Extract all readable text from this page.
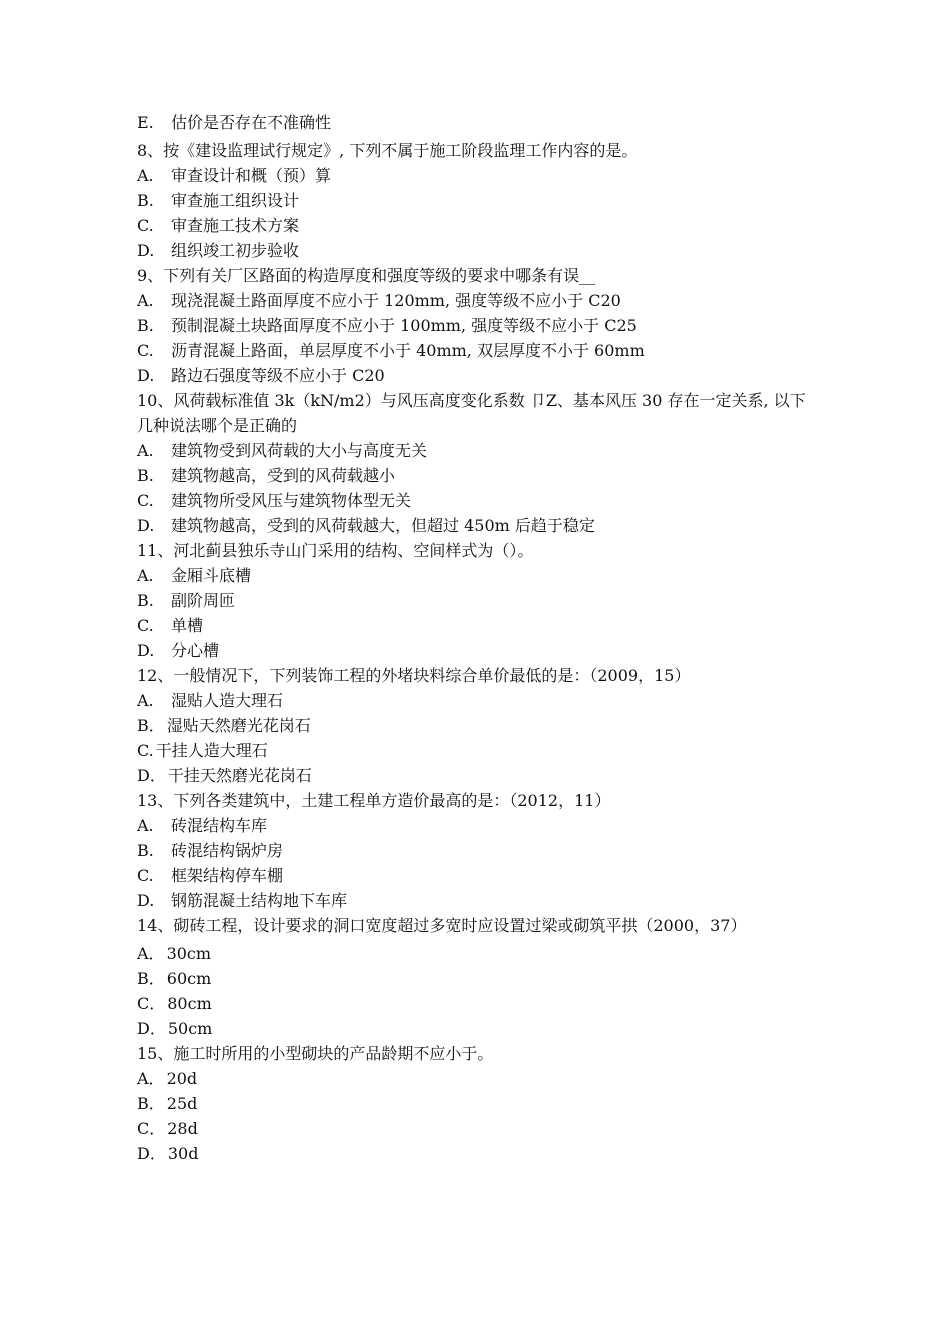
E. 估价是否存在不准确性
8、按《建设监理试行规定》, 下列不属于施工阶段监理工作内容的是。
A. 审查设计和概（预）算
B. 审查施工组织设计
C. 审查施工技术方案
D. 组织竣工初步验收
9、下列有关厂区路面的构造厚度和强度等级的要求中哪条有误__
A. 现浇混凝土路面厚度不应小于 120mm, 强度等级不应小于 C20
B. 预制混凝土块路面厚度不应小于 100mm, 强度等级不应小于 C25
C. 沥青混凝上路面，单层厚度不小于 40mm, 双层厚度不小于 60mm
D. 路边石强度等级不应小于 C20
10、风荷载标准值 3k（kN/m2）与风压高度变化系数 卩Z、基本风压 30 存在一定关系, 以下几种说法哪个是正确的
A. 建筑物受到风荷载的大小与高度无关
B. 建筑物越高，受到的风荷载越小
C. 建筑物所受风压与建筑物体型无关
D. 建筑物越高，受到的风荷载越大，但超过 450m 后趋于稳定
11、河北蓟县独乐寺山门采用的结构、空间样式为（）。
A. 金厢斗底槽
B. 副阶周匝
C. 单槽
D. 分心槽
12、一般情况下，下列装饰工程的外堵块料综合单价最低的是：（2009，15）
A. 湿贴人造大理石
B． 湿贴天然磨光花岗石
C. 干挂人造大理石
D． 干挂天然磨光花岗石
13、下列各类建筑中，土建工程单方造价最高的是：（2012，11）
A. 砖混结构车库
B. 砖混结构锅炉房
C. 框架结构停车棚
D. 钢筋混凝土结构地下车库
14、砌砖工程，设计要求的洞口宽度超过多宽时应设置过梁或砌筑平拱（2000，37）
A． 30cm
B． 60cm
C． 80cm
D． 50cm
15、施工时所用的小型砌块的产品龄期不应小于。
A． 20d
B． 25d
C． 28d
D． 30d
